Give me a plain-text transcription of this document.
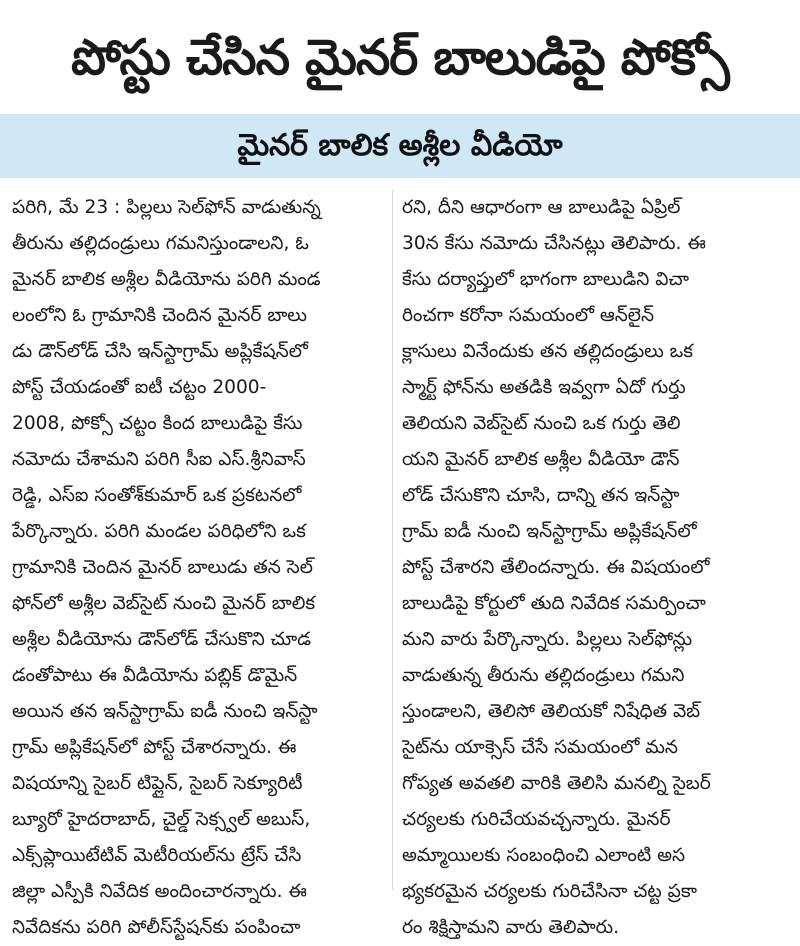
పోస్టు చేసిన మైనర్ బాలుడిపై పోక్సో
మైనర్ బాలిక అశ్లీల వీడియో
పరిగి, మే 23 : పిల్లలు సెల్‌ఫోన్ వాడుతున్న
తీరును తల్లిదండ్రులు గమనిస్తుండాలని, ఓ
మైనర్ బాలిక అశ్లీల వీడియోను పరిగి మండ
లంలోని ఓ గ్రామానికి చెందిన మైనర్ బాలు
డు డౌన్‌లోడ్ చేసి ఇన్‌స్టాగ్రామ్ అప్లికేషన్‌లో
పోస్ట్ చేయడంతో ఐటీ చట్టం 2000-
2008, పోక్సో చట్టం కింద బాలుడిపై కేసు
నమోదు చేశామని పరిగి సీఐ ఎస్.శ్రీనివాస్
రెడ్డి, ఎస్ఐ సంతోశ్‌కుమార్ ఒక ప్రకటనలో
పేర్కొన్నారు. పరిగి మండల పరిధిలోని ఒక
గ్రామానికి చెందిన మైనర్ బాలుడు తన సెల్
ఫోన్‌లో అశ్లీల వెబ్‌సైట్ నుంచి మైనర్ బాలిక
అశ్లీల వీడియోను డౌన్‌లోడ్ చేసుకొని చూడ
డంతోపాటు ఈ వీడియోను పబ్లిక్ డొమైన్
అయిన తన ఇన్‌స్టాగ్రామ్ ఐడీ నుంచి ఇన్‌స్టా
గ్రామ్ అప్లికేషన్‌లో పోస్ట్ చేశారన్నారు. ఈ
విషయాన్ని సైబర్ టిప్లైన్, సైబర్ సెక్యూరిటీ
బ్యూరో హైదరాబాద్, చైల్డ్ సెక్స్వల్ అబుస్,
ఎక్స్‌ప్లాయిటేటివ్ మెటీరియల్‌ను ట్రేస్ చేసి
జిల్లా ఎస్పీకి నివేదిక అందించారన్నారు. ఈ
నివేదికను పరిగి పోలీస్‌స్టేషన్‌కు పంపించా
రని, దీని ఆధారంగా ఆ బాలుడిపై ఏప్రిల్
30న కేసు నమోదు చేసినట్లు తెలిపారు. ఈ
కేసు దర్యాప్తులో భాగంగా బాలుడిని విచా
రించగా కరోనా సమయంలో ఆన్‌లైన్
క్లాసులు వినేందుకు తన తల్లిదండ్రులు ఒక
స్మార్ట్ ఫోన్‌ను అతడికి ఇవ్వగా ఏదో గుర్తు
తెలియని వెబ్‌సైట్ నుంచి ఒక గుర్తు తెలి
యని మైనర్ బాలిక అశ్లీల వీడియో డౌన్
లోడ్ చేసుకొని చూసి, దాన్ని తన ఇన్‌స్టా
గ్రామ్ ఐడీ నుంచి ఇన్‌స్టాగ్రామ్ అప్లికేషన్‌లో
పోస్ట్ చేశారని తేలిందన్నారు. ఈ విషయంలో
బాలుడిపై కోర్టులో తుది నివేదిక సమర్పించా
మని వారు పేర్కొన్నారు. పిల్లలు సెల్‌ఫోన్లు
వాడుతున్న తీరును తల్లిదండ్రులు గమని
స్తుండాలని, తెలిసో తెలియకో నిషేధిత వెబ్
సైట్‌ను యాక్సెస్ చేసే సమయంలో మన
గోప్యత అవతలి వారికి తెలిసి మనల్ని సైబర్
చర్యలకు గురిచేయవచ్చన్నారు. మైనర్
అమ్మాయిలకు సంబంధించి ఎలాంటి అస
భ్యకరమైన చర్యలకు గురిచేసినా చట్ట ప్రకా
రం శిక్షిస్తామని వారు తెలిపారు.
